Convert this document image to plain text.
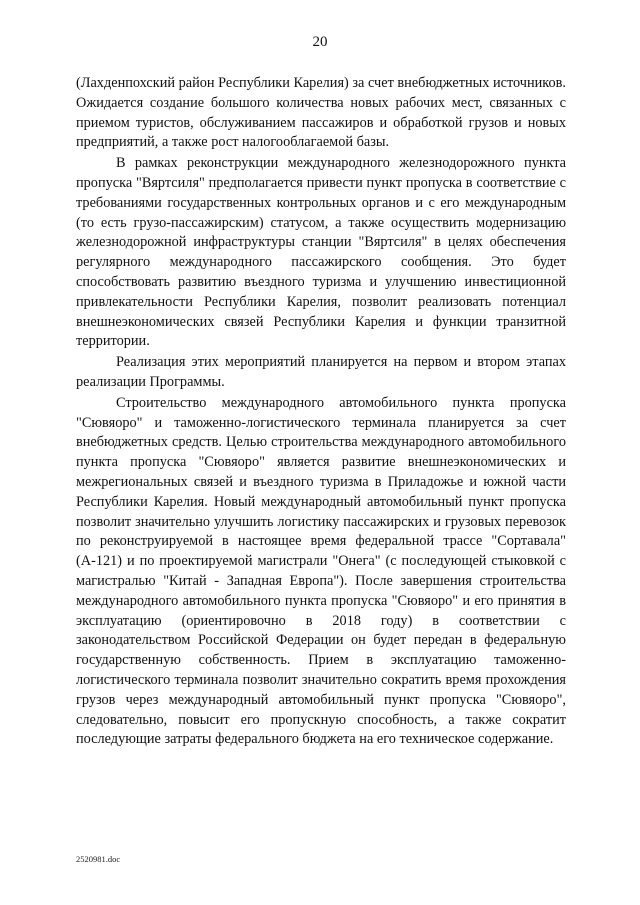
20

(Лахденпохский район Республики Карелия) за счет внебюджетных источников. Ожидается создание большого количества новых рабочих мест, связанных с приемом туристов, обслуживанием пассажиров и обработкой грузов и новых предприятий, а также рост налогооблагаемой базы.

В рамках реконструкции международного железнодорожного пункта пропуска "Вяртсиля" предполагается привести пункт пропуска в соответствие с требованиями государственных контрольных органов и с его международным (то есть грузо-пассажирским) статусом, а также осуществить модернизацию железнодорожной инфраструктуры станции "Вяртсиля" в целях обеспечения регулярного международного пассажирского сообщения. Это будет способствовать развитию въездного туризма и улучшению инвестиционной привлекательности Республики Карелия, позволит реализовать потенциал внешнеэкономических связей Республики Карелия и функции транзитной территории.

Реализация этих мероприятий планируется на первом и втором этапах реализации Программы.

Строительство международного автомобильного пункта пропуска "Сювяоро" и таможенно-логистического терминала планируется за счет внебюджетных средств. Целью строительства международного автомобильного пункта пропуска "Сювяоро" является развитие внешнеэкономических и межрегиональных связей и въездного туризма в Приладожье и южной части Республики Карелия. Новый международный автомобильный пункт пропуска позволит значительно улучшить логистику пассажирских и грузовых перевозок по реконструируемой в настоящее время федеральной трассе "Сортавала" (А-121) и по проектируемой магистрали "Онега" (с последующей стыковкой с магистралью "Китай - Западная Европа"). После завершения строительства международного автомобильного пункта пропуска "Сювяоро" и его принятия в эксплуатацию (ориентировочно в 2018 году) в соответствии с законодательством Российской Федерации он будет передан в федеральную государственную собственность. Прием в эксплуатацию таможенно-логистического терминала позволит значительно сократить время прохождения грузов через международный автомобильный пункт пропуска "Сювяоро", следовательно, повысит его пропускную способность, а также сократит последующие затраты федерального бюджета на его техническое содержание.

2520981.doc
